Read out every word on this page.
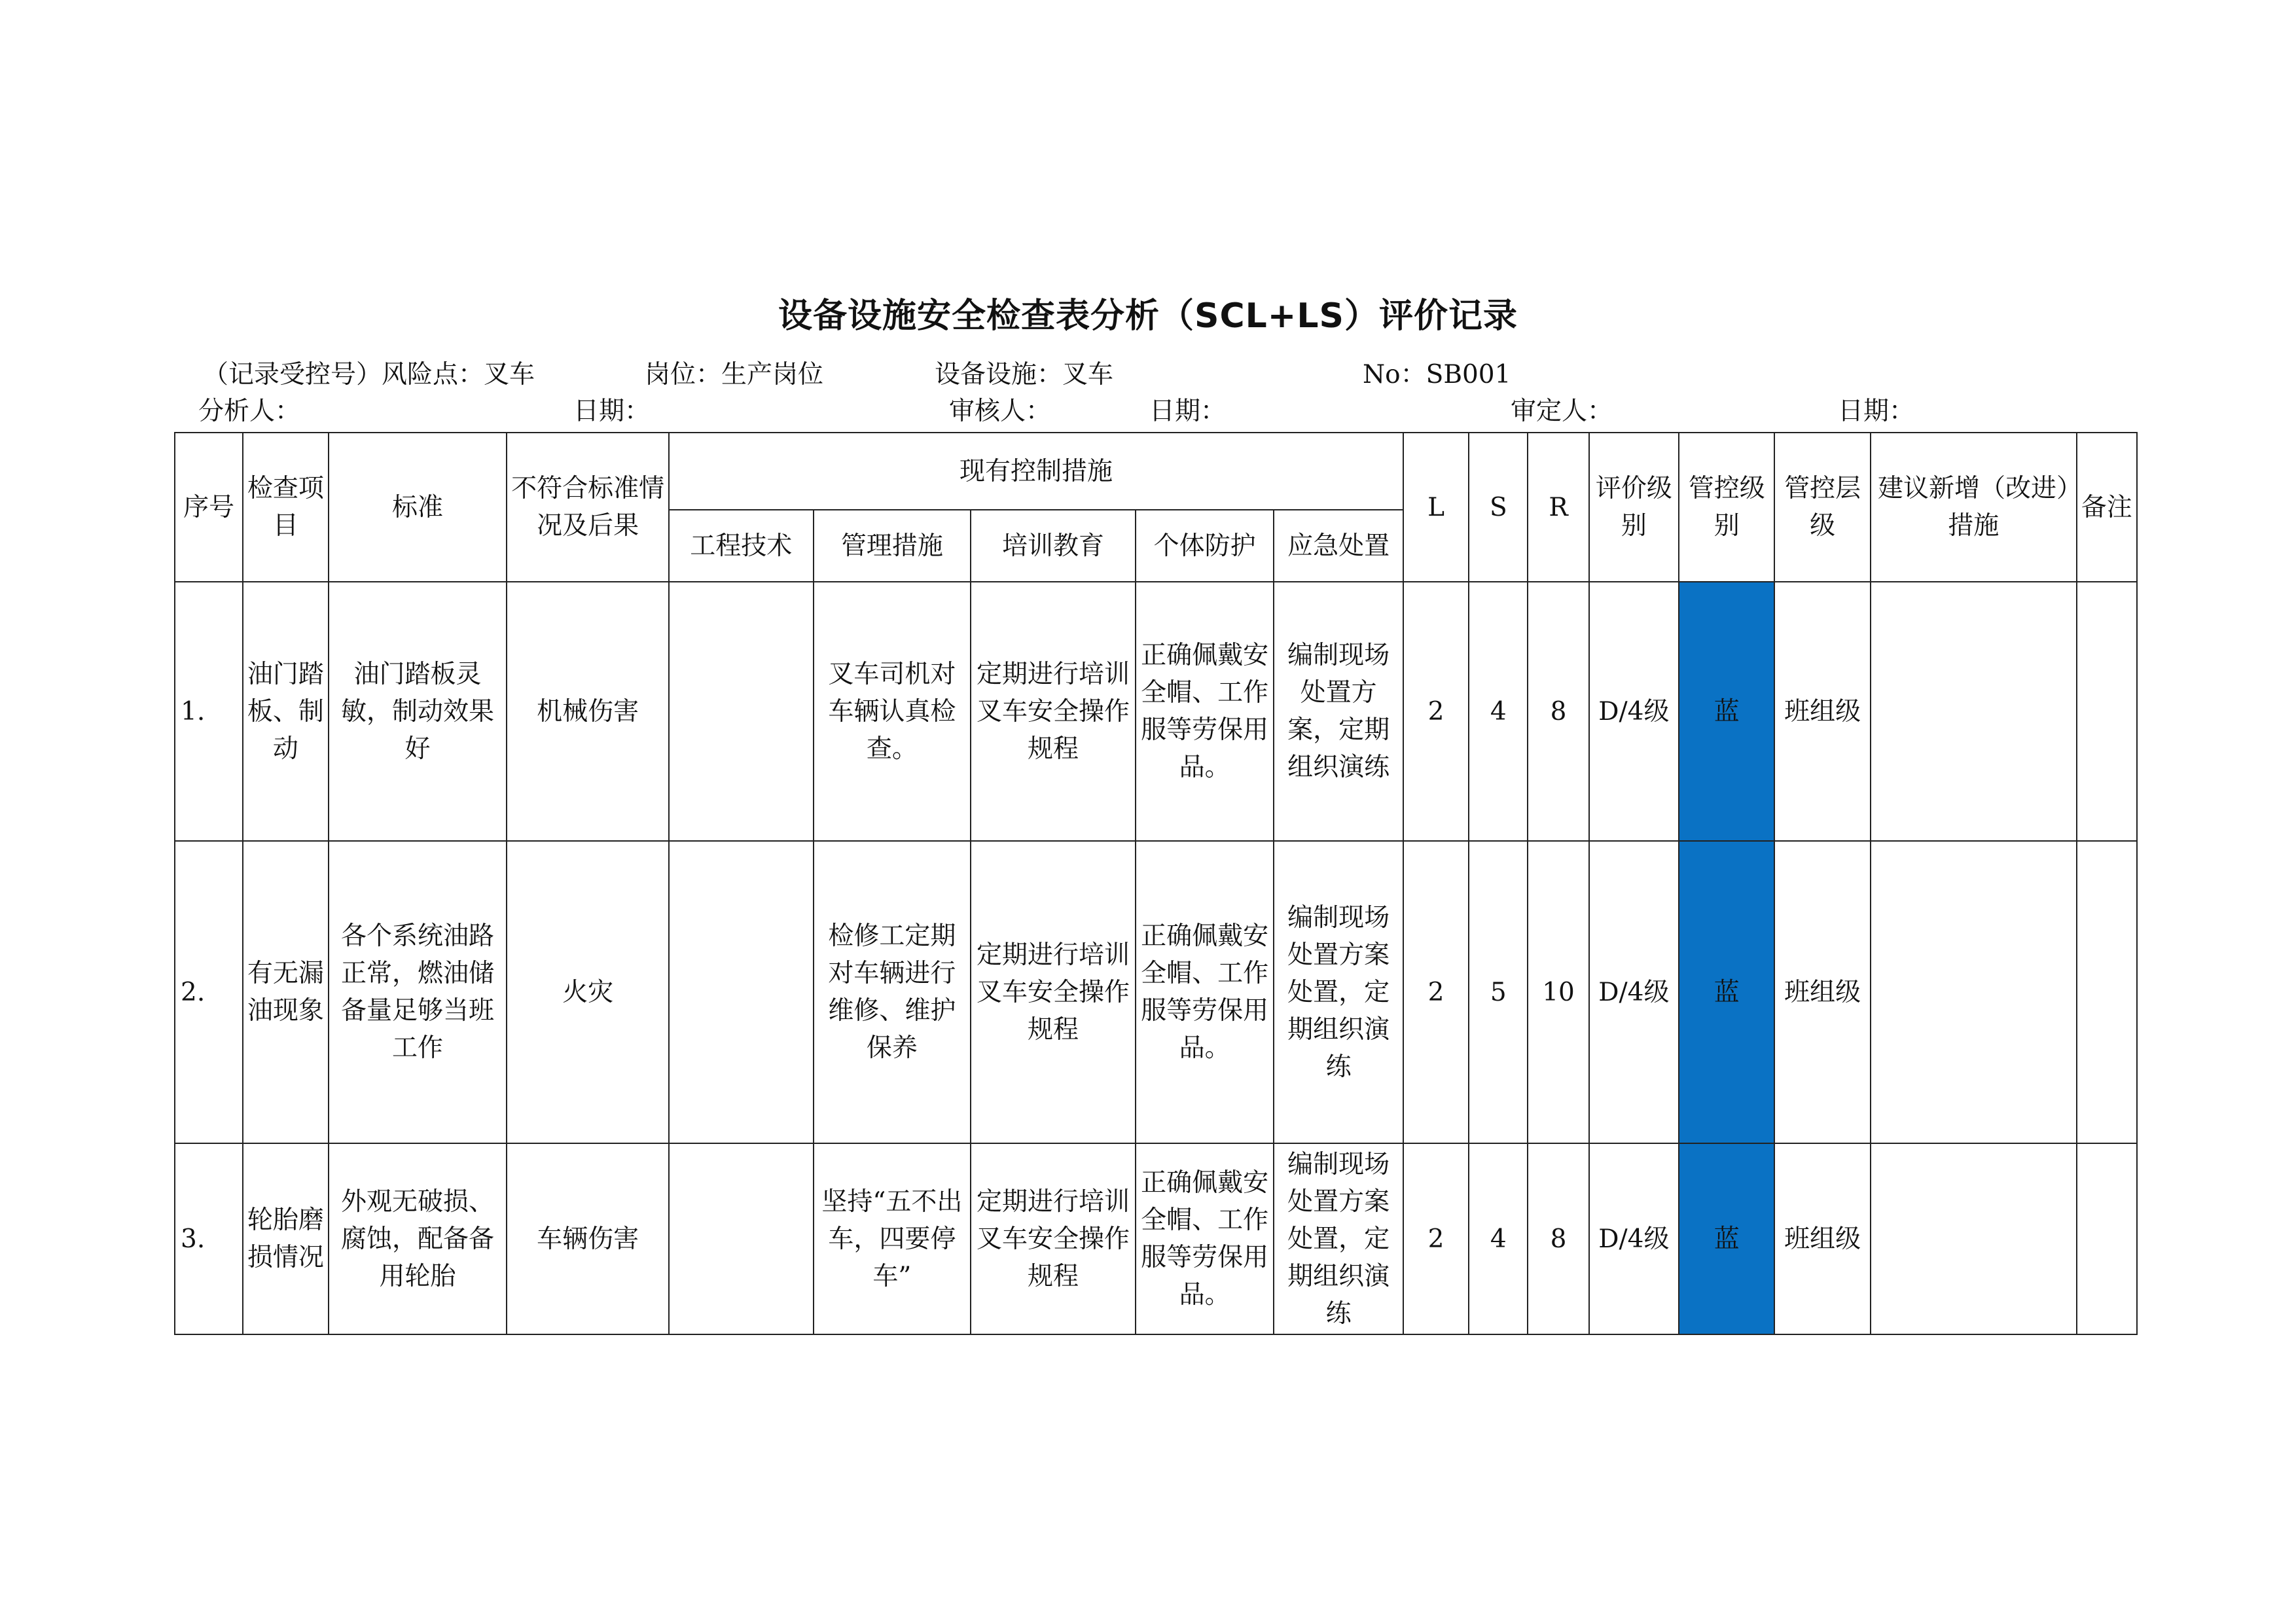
设备设施安全检查表分析（SCL+LS）评价记录
（记录受控号）风险点：叉车	岗位：生产岗位	设备设施：叉车	No：SB001
分析人：	日期：	审核人：	日期：	审定人：	日期：
序号	检查项目	标准	不符合标准情况及后果	现有控制措施					L	S	R	评价级别	管控级别	管控层级	建议新增（改进）措施	备注

				工程技术	管理措施	培训教育	个体防护	应急处置								

1.	油门踏板、制动	油门踏板灵敏，制动效果好	机械伤害		叉车司机对车辆认真检查。	定期进行培训叉车安全操作规程	正确佩戴安全帽、工作服等劳保用品。	编制现场处置方案，定期组织演练	2	4	8	D/4级	蓝	班组级		
2.	有无漏油现象	各个系统油路正常，燃油储备量足够当班工作	火灾		检修工定期对车辆进行维修、维护保养	定期进行培训叉车安全操作规程	正确佩戴安全帽、工作服等劳保用品。	编制现场处置方案处置，定期组织演练	2	5	10	D/4级	蓝	班组级		
3.	轮胎磨损情况	外观无破损、腐蚀，配备备用轮胎	车辆伤害		坚持“五不出车，四要停车”	定期进行培训叉车安全操作规程	正确佩戴安全帽、工作服等劳保用品。	编制现场处置方案处置，定期组织演练	2	4	8	D/4级	蓝	班组级		
